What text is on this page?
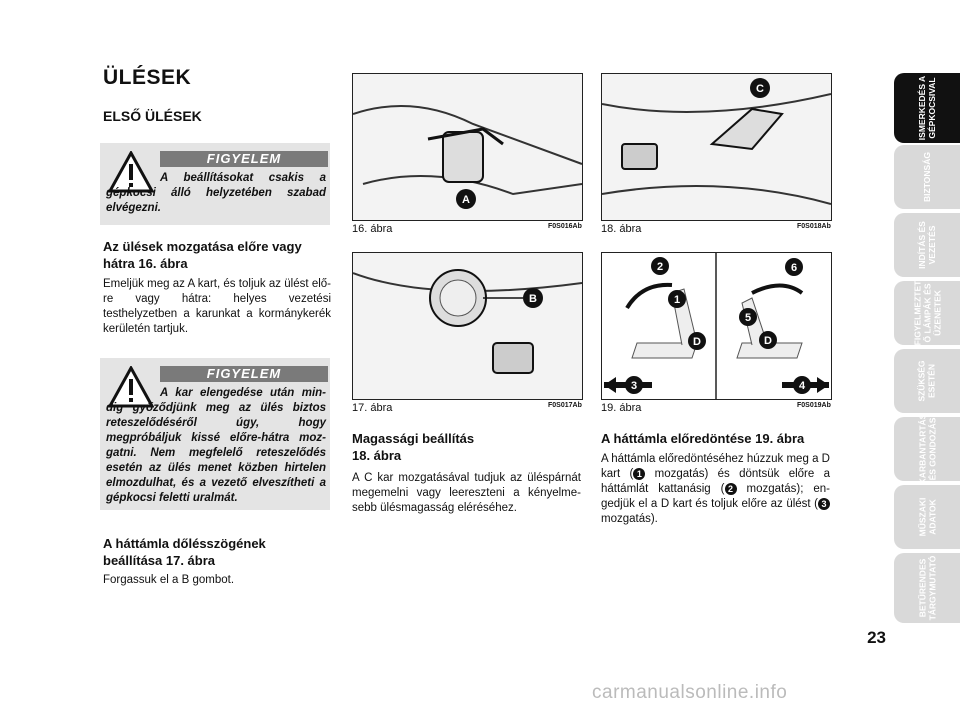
ÜLÉSEK
ELSŐ ÜLÉSEK
FIGYELEM
A beállításokat csakis a gépkocsi álló helyzetében szabad elvégezni.
Az ülések mozgatása előre vagy hátra 16. ábra
Emeljük meg az A kart, és toljuk az ülést elő-re vagy hátra: helyes vezetési testhelyzetben a karunkat a kormánykerék kerületén tartjuk.
FIGYELEM
A kar elengedése után min-dig győződjünk meg az ülés biztos reteszelődéséről úgy, hogy megpróbáljuk kissé előre-hátra moz-gatni. Nem megfelelő reteszelődés esetén az ülés menet közben hirtelen elmozdulhat, és a vezető elveszítheti a gépkocsi feletti uralmát.
A háttámla dőlésszögének beállítása 17. ábra
Forgassuk el a B gombot.
A
16. ábra	F0S016Ab
B
17. ábra	F0S017Ab
Magassági beállítás 18. ábra
A C kar mozgatásával tudjuk az üléspárnát megemelni vagy leereszteni a kényelme-sebb ülésmagasság eléréséhez.
C
18. ábra	F0S018Ab
2
1
D
3
6
5
D
4
19. ábra	F0S019Ab
A háttámla előredöntése 19. ábra
A háttámla előredöntéséhez húzzuk meg a D kart ( 1 mozgatás) és döntsük előre a háttámlát kattanásig ( 2 mozgatás); en-gedjük el a D kart és toljuk előre az ülést ( 3 mozgatás).
ISMERKEDÉS A
GÉPKOCSIVAL
BIZTONSÁG
INDÍTÁS ÉS
VEZETÉS
FIGYELMEZTET
Ő LÁMPÁK ÉS
ÜZENETEK
SZÜKSÉG
ESETÉN
KARBANTARTÁS
ÉS GONDOZÁS
MŰSZAKI
ADATOK
BETŰRENDES
TÁRGYMUTATÓ
23
carmanualsonline.info
